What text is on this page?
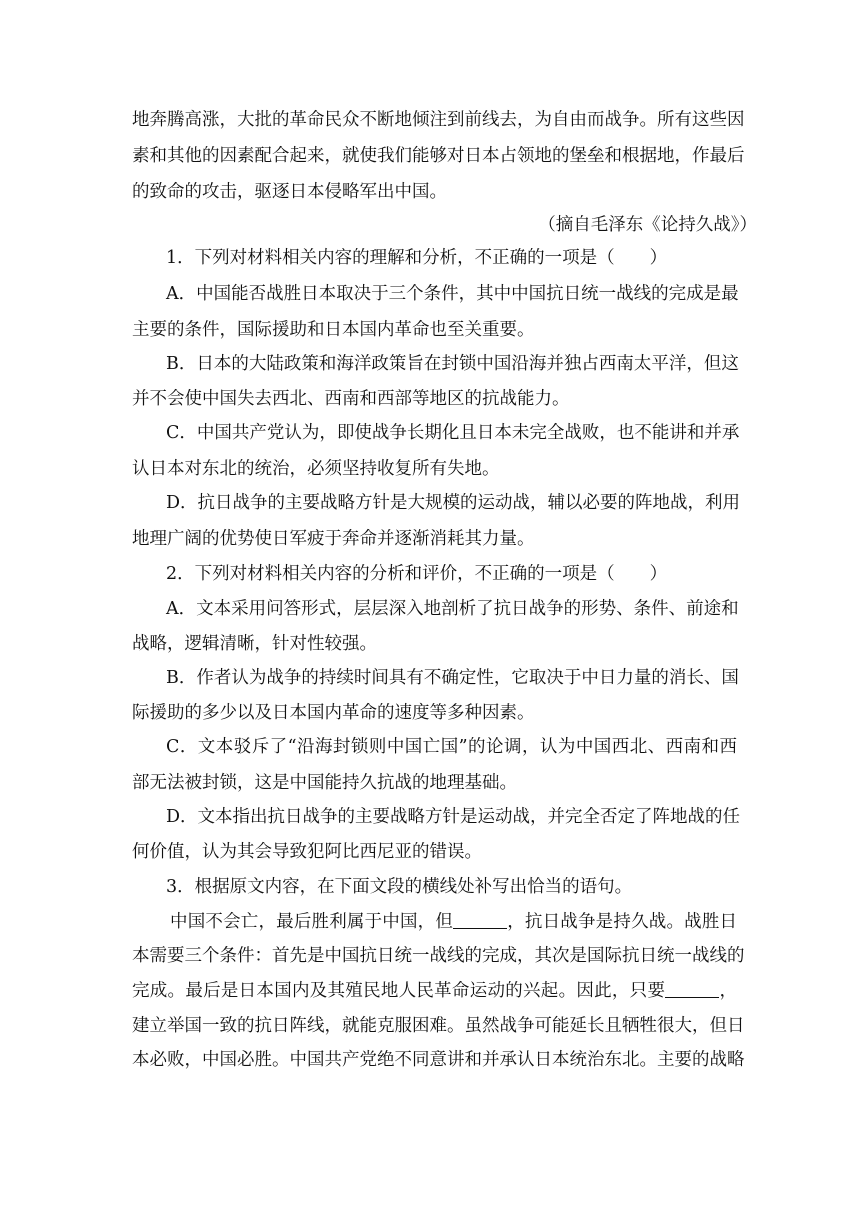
地奔腾高涨，大批的革命民众不断地倾注到前线去，为自由而战争。所有这些因
素和其他的因素配合起来，就使我们能够对日本占领地的堡垒和根据地，作最后
的致命的攻击，驱逐日本侵略军出中国。
（摘自毛泽东《论持久战》）
1．下列对材料相关内容的理解和分析，不正确的一项是（　　）
A．中国能否战胜日本取决于三个条件，其中中国抗日统一战线的完成是最
主要的条件，国际援助和日本国内革命也至关重要。
B．日本的大陆政策和海洋政策旨在封锁中国沿海并独占西南太平洋，但这
并不会使中国失去西北、西南和西部等地区的抗战能力。
C．中国共产党认为，即使战争长期化且日本未完全战败，也不能讲和并承
认日本对东北的统治，必须坚持收复所有失地。
D．抗日战争的主要战略方针是大规模的运动战，辅以必要的阵地战，利用
地理广阔的优势使日军疲于奔命并逐渐消耗其力量。
2．下列对材料相关内容的分析和评价，不正确的一项是（　　）
A．文本采用问答形式，层层深入地剖析了抗日战争的形势、条件、前途和
战略，逻辑清晰，针对性较强。
B．作者认为战争的持续时间具有不确定性，它取决于中日力量的消长、国
际援助的多少以及日本国内革命的速度等多种因素。
C．文本驳斥了“沿海封锁则中国亡国”的论调，认为中国西北、西南和西
部无法被封锁，这是中国能持久抗战的地理基础。
D．文本指出抗日战争的主要战略方针是运动战，并完全否定了阵地战的任
何价值，认为其会导致犯阿比西尼亚的错误。
3．根据原文内容，在下面文段的横线处补写出恰当的语句。
中国不会亡，最后胜利属于中国，但	，抗日战争是持久战。战胜日
本需要三个条件：首先是中国抗日统一战线的完成，其次是国际抗日统一战线的
完成。最后是日本国内及其殖民地人民革命运动的兴起。因此，只要	，
建立举国一致的抗日阵线，就能克服困难。虽然战争可能延长且牺牲很大，但日
本必败，中国必胜。中国共产党绝不同意讲和并承认日本统治东北。主要的战略
